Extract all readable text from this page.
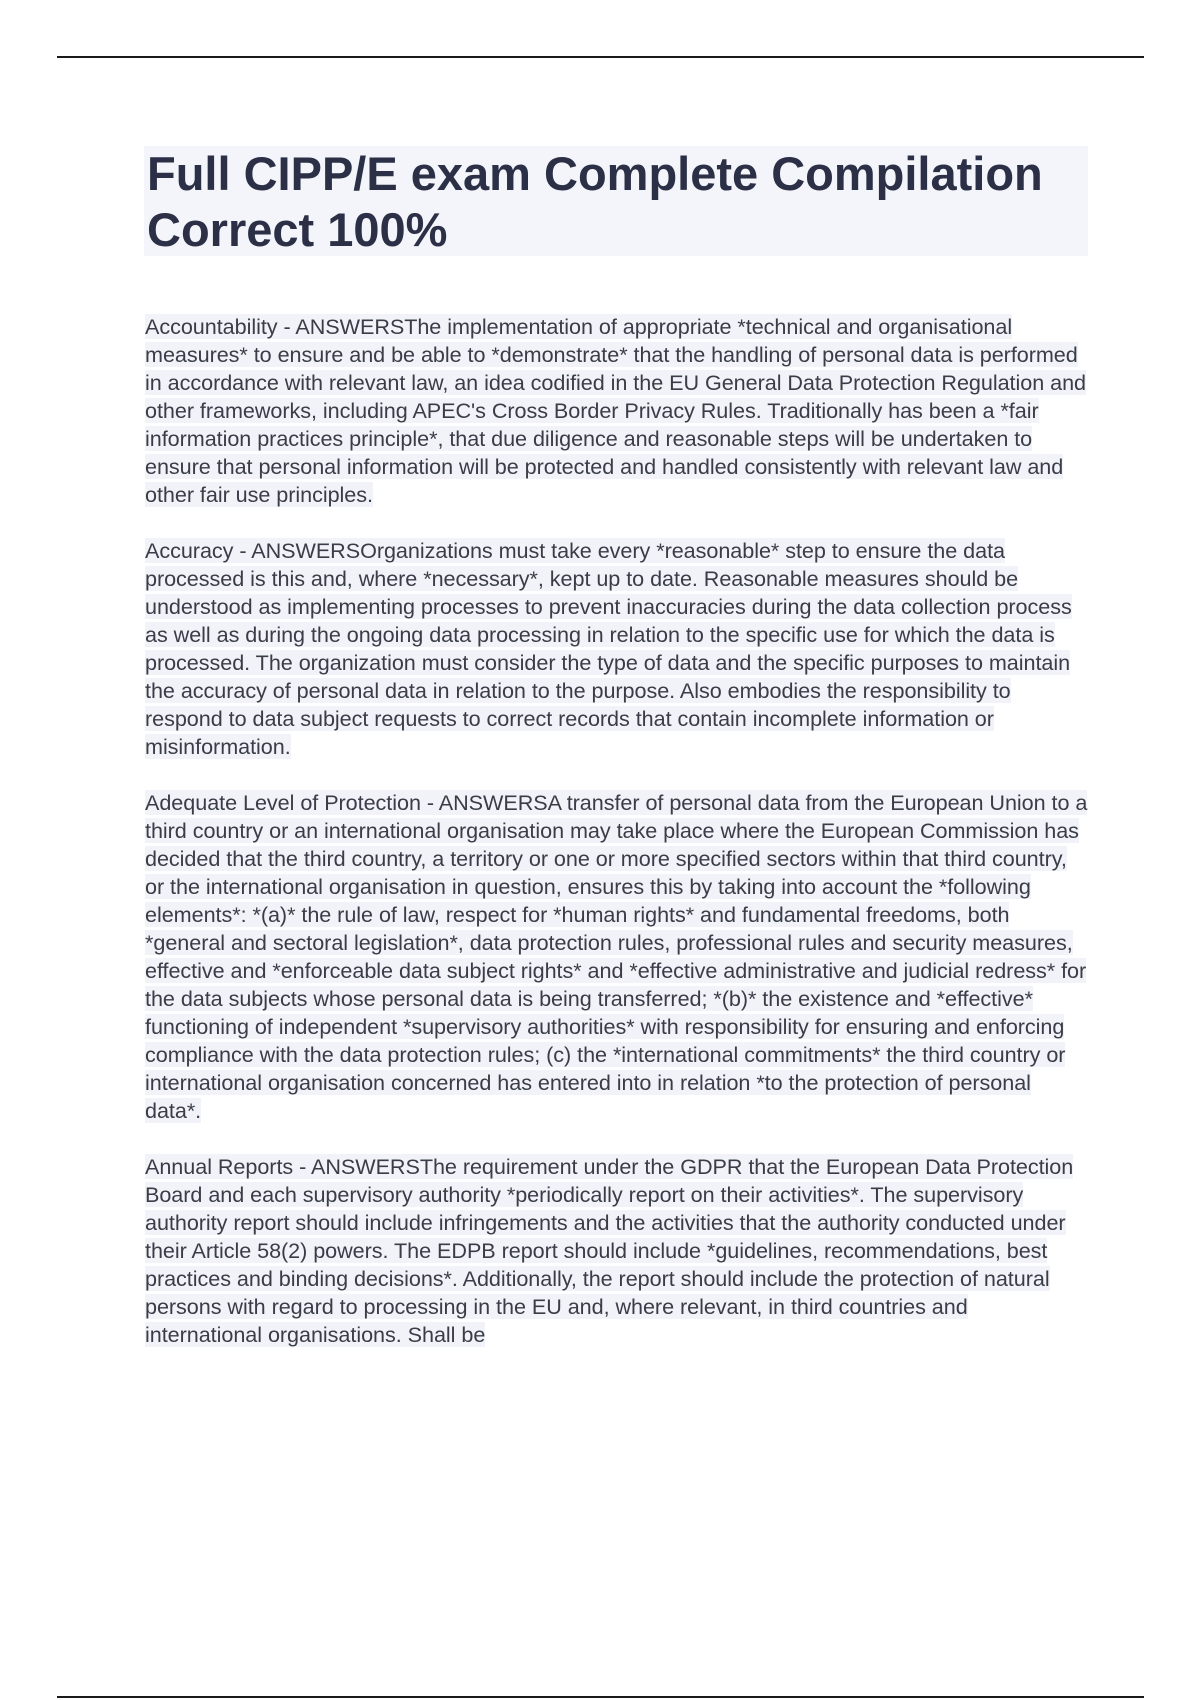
Full CIPP/E exam Complete Compilation Correct 100%

Accountability - ANSWERSThe implementation of appropriate *technical and organisational measures* to ensure and be able to *demonstrate* that the handling of personal data is performed in accordance with relevant law, an idea codified in the EU General Data Protection Regulation and other frameworks, including APEC's Cross Border Privacy Rules. Traditionally has been a *fair information practices principle*, that due diligence and reasonable steps will be undertaken to ensure that personal information will be protected and handled consistently with relevant law and other fair use principles.

Accuracy - ANSWERSOrganizations must take every *reasonable* step to ensure the data processed is this and, where *necessary*, kept up to date. Reasonable measures should be understood as implementing processes to prevent inaccuracies during the data collection process as well as during the ongoing data processing in relation to the specific use for which the data is processed. The organization must consider the type of data and the specific purposes to maintain the accuracy of personal data in relation to the purpose. Also embodies the responsibility to respond to data subject requests to correct records that contain incomplete information or misinformation.

Adequate Level of Protection - ANSWERSA transfer of personal data from the European Union to a third country or an international organisation may take place where the European Commission has decided that the third country, a territory or one or more specified sectors within that third country, or the international organisation in question, ensures this by taking into account the *following elements*: *(a)* the rule of law, respect for *human rights* and fundamental freedoms, both *general and sectoral legislation*, data protection rules, professional rules and security measures, effective and *enforceable data subject rights* and *effective administrative and judicial redress* for the data subjects whose personal data is being transferred; *(b)* the existence and *effective* functioning of independent *supervisory authorities* with responsibility for ensuring and enforcing compliance with the data protection rules; (c) the *international commitments* the third country or international organisation concerned has entered into in relation *to the protection of personal data*.

Annual Reports - ANSWERSThe requirement under the GDPR that the European Data Protection Board and each supervisory authority *periodically report on their activities*. The supervisory authority report should include infringements and the activities that the authority conducted under their Article 58(2) powers. The EDPB report should include *guidelines, recommendations, best practices and binding decisions*. Additionally, the report should include the protection of natural persons with regard to processing in the EU and, where relevant, in third countries and international organisations. Shall be
